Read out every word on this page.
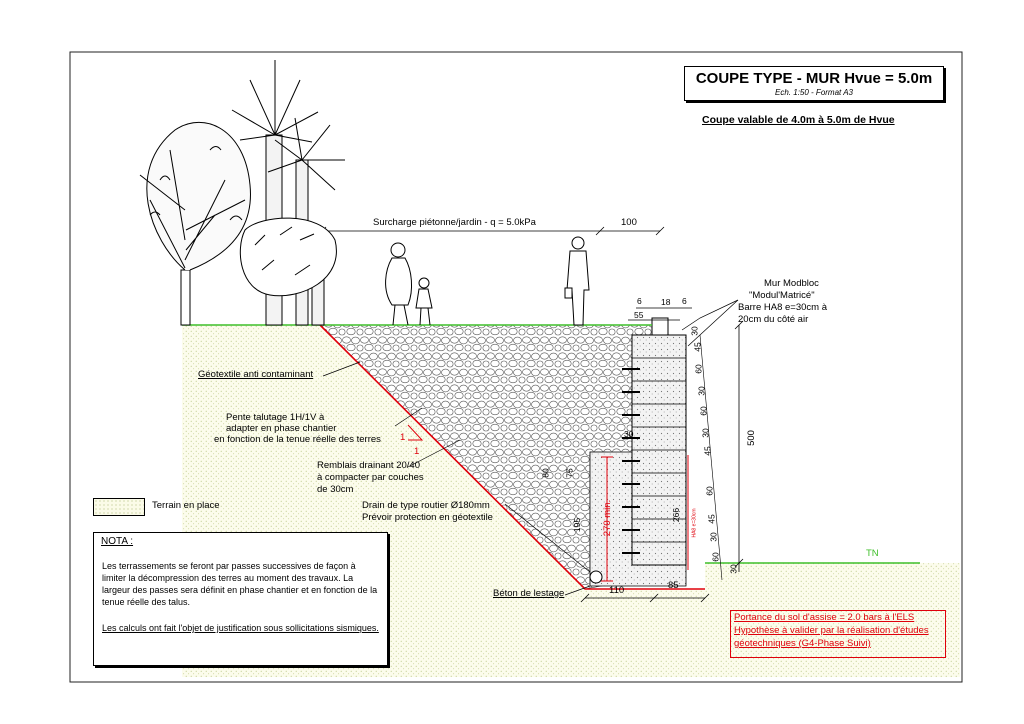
COUPE TYPE - MUR Hvue = 5.0m
Ech. 1:50 - Format A3
Coupe valable de 4.0m à 5.0m de Hvue
Surcharge piétonne/jardin - q = 5.0kPa	100
Géotextile anti contaminant
Pente talutage 1H/1V à
adapter en phase chantier
en fonction de la tenue réelle des terres 1
1
Remblais drainant 20/40
à compacter par couches
de 30cm
Drain de type routier Ø180mm
Prévoir protection en géotextile
Béton de lestage
80 75
195 270 min.
30
266 HA8 e=30cm
6 18 6
55
30
45
60
30
60
30
45
60
45
30
60
30
500
TN
110	85
Mur Modbloc
"Modul'Matricé"
Barre HA8 e=30cm à
20cm du côté air
Terrain en place
NOTA :
Les terrassements se feront par passes successives de façon à limiter la décompression des terres au moment des travaux. La largeur des passes sera définit en phase chantier et en fonction de la tenue réelle des talus.
Les calculs ont fait l'objet de justification sous sollicitations sismiques.
Portance du sol d'assise = 2.0 bars à l'ELS
Hypothèse à valider par la réalisation d'études
géotechniques (G4-Phase Suivi)
